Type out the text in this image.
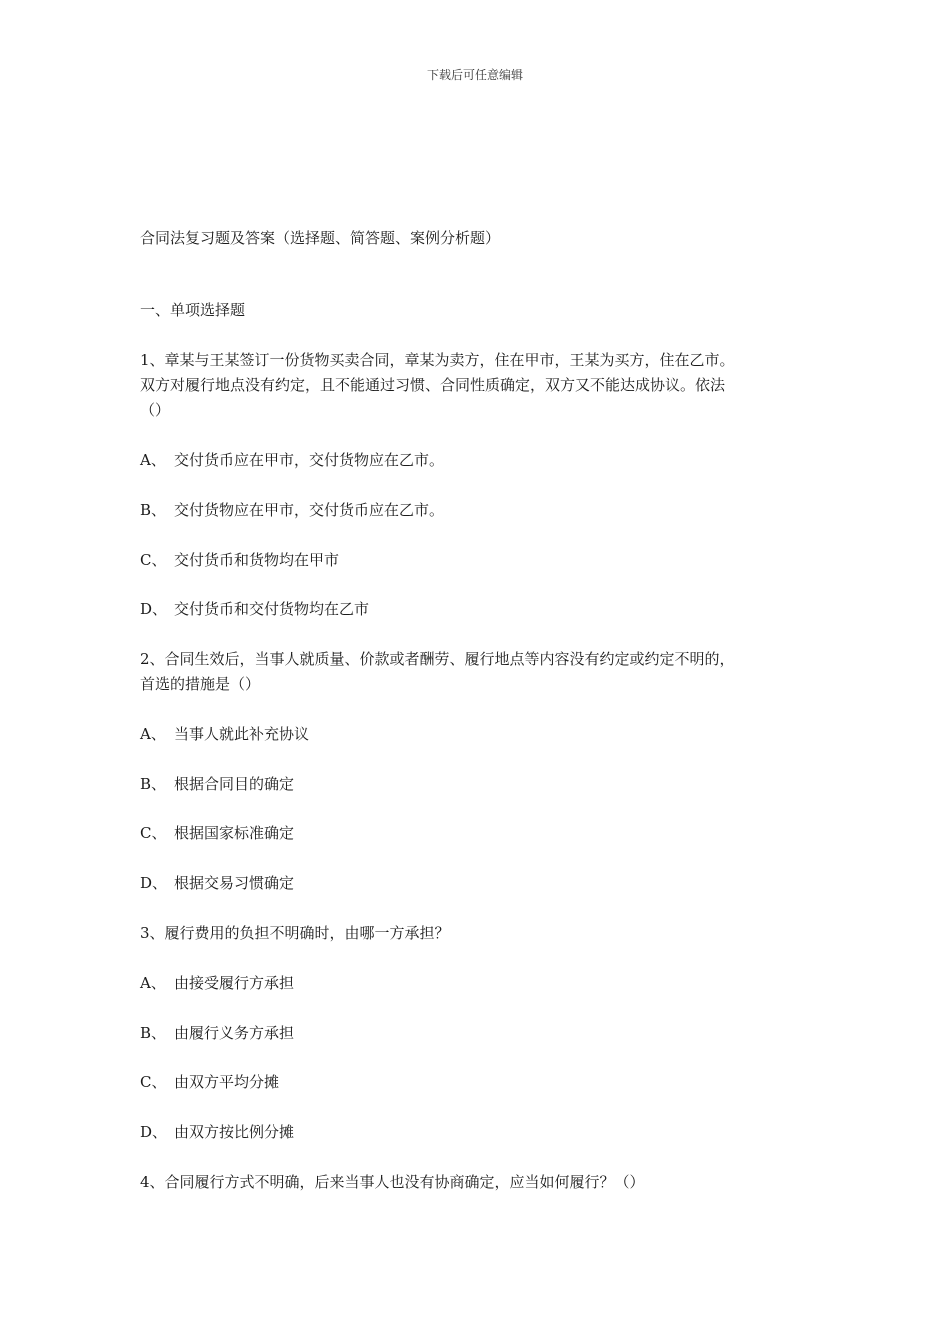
下载后可任意编辑
合同法复习题及答案（选择题、简答题、案例分析题）
一、单项选择题
1、章某与王某签订一份货物买卖合同，章某为卖方，住在甲市，王某为买方，住在乙市。
双方对履行地点没有约定，且不能通过习惯、合同性质确定，双方又不能达成协议。依法
（）
A、 交付货币应在甲市，交付货物应在乙市。
B、 交付货物应在甲市，交付货币应在乙市。
C、 交付货币和货物均在甲市
D、 交付货币和交付货物均在乙市
2、合同生效后，当事人就质量、价款或者酬劳、履行地点等内容没有约定或约定不明的，
首选的措施是（）
A、 当事人就此补充协议
B、 根据合同目的确定
C、 根据国家标准确定
D、 根据交易习惯确定
3、履行费用的负担不明确时，由哪一方承担？
A、 由接受履行方承担
B、 由履行义务方承担
C、 由双方平均分摊
D、 由双方按比例分摊
4、合同履行方式不明确，后来当事人也没有协商确定，应当如何履行？（）
